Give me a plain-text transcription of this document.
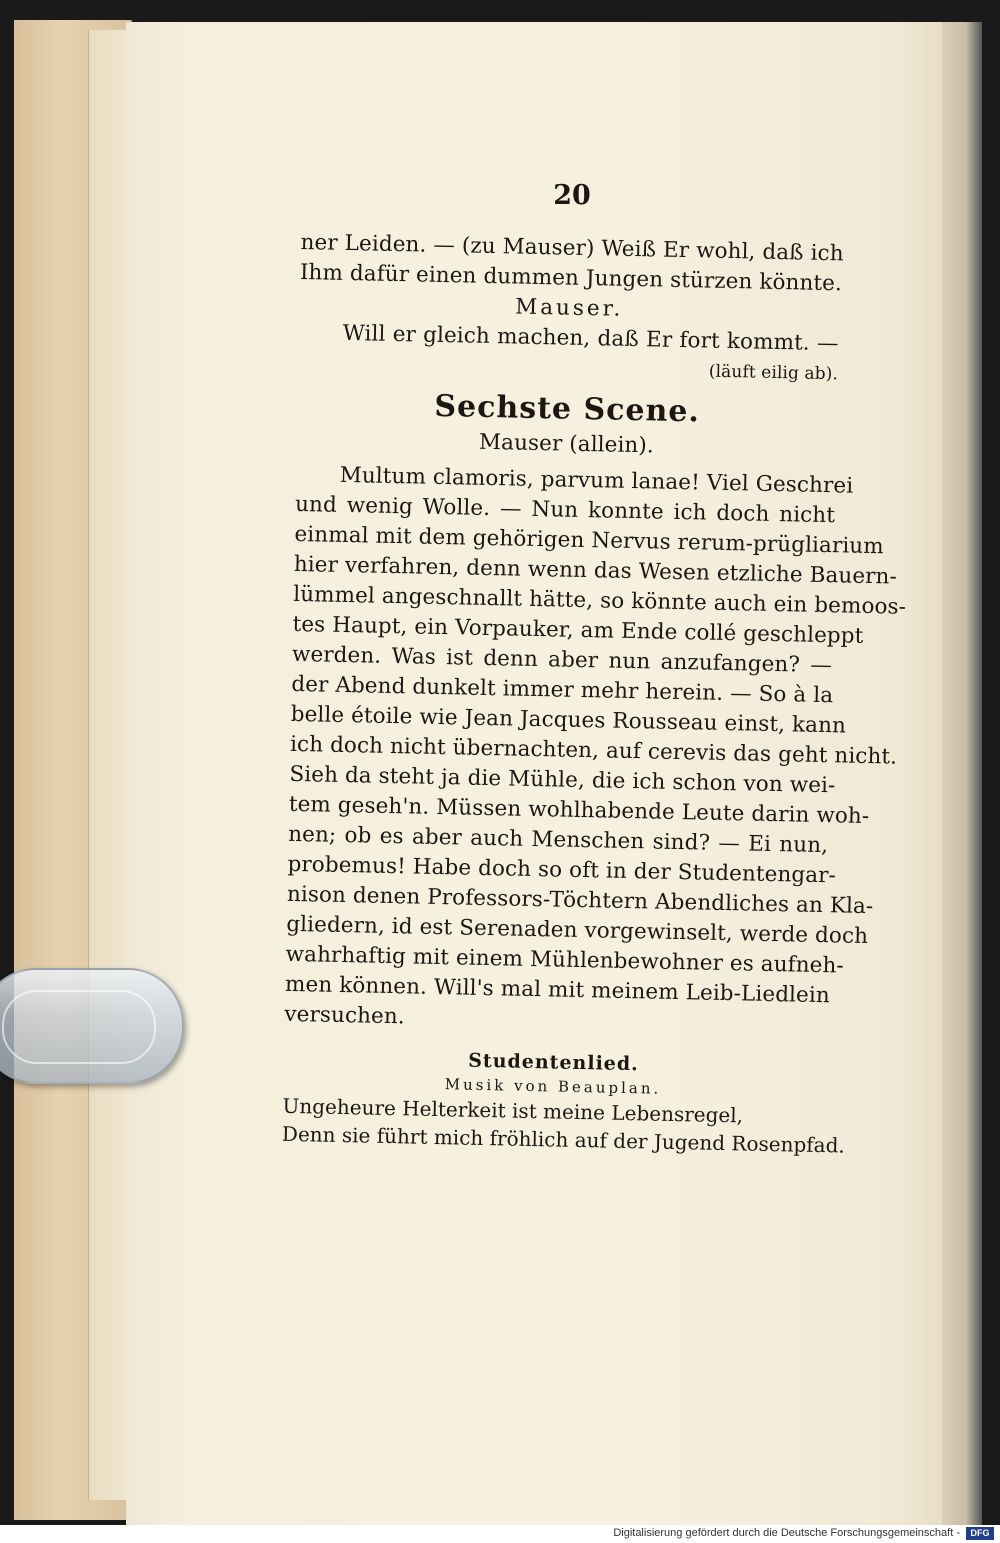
20
ner Leiden. — (zu Mauser) Weiß Er wohl, daß ich
Ihm dafür einen dummen Jungen stürzen könnte.
Mauser.
Will er gleich machen, daß Er fort kommt. —
(läuft eilig ab).
Sechste Scene.
Mauser (allein).
Multum clamoris, parvum lanae! Viel Geschrei
und wenig Wolle. — Nun konnte ich doch nicht
einmal mit dem gehörigen Nervus rerum-prügliarium
hier verfahren, denn wenn das Wesen etzliche Bauern-
lümmel angeschnallt hätte, so könnte auch ein bemoos-
tes Haupt, ein Vorpauker, am Ende collé geschleppt
werden. Was ist denn aber nun anzufangen? —
der Abend dunkelt immer mehr herein. — So à la
belle étoile wie Jean Jacques Rousseau einst, kann
ich doch nicht übernachten, auf cerevis das geht nicht.
Sieh da steht ja die Mühle, die ich schon von wei-
tem geseh'n. Müssen wohlhabende Leute darin woh-
nen; ob es aber auch Menschen sind? — Ei nun,
probemus! Habe doch so oft in der Studentengar-
nison denen Professors-Töchtern Abendliches an Kla-
gliedern, id est Serenaden vorgewinselt, werde doch
wahrhaftig mit einem Mühlenbewohner es aufneh-
men können. Will's mal mit meinem Leib-Liedlein
versuchen.
Studentenlied.
Musik von Beauplan.
Ungeheure Helterkeit ist meine Lebensregel,
Denn sie führt mich fröhlich auf der Jugend Rosenpfad.
Digitalisierung gefördert durch die Deutsche Forschungsgemeinschaft -	DFG
